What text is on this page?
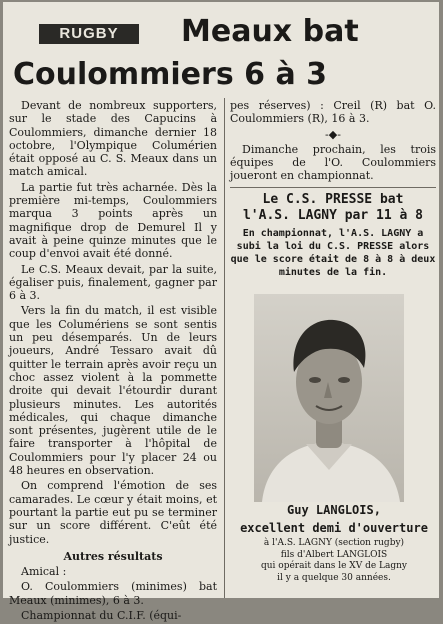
RUGBY	Meaux bat
Coulommiers 6 à 3

Devant de nombreux supporters, sur le stade des Capucins à Coulommiers, dimanche dernier 18 octobre, l'Olympique Columérien était opposé au C. S. Meaux dans un match amical.

La partie fut très acharnée. Dès la première mi-temps, Coulommiers marqua 3 points après un magnifique drop de Demurel Il y avait à peine quinze minutes que le coup d'envoi avait été donné.

Le C.S. Meaux devait, par la suite, égaliser puis, finalement, gagner par 6 à 3.

Vers la fin du match, il est visible que les Columériens se sont sentis un peu désemparés. Un de leurs joueurs, André Tessaro avait dû quitter le terrain après avoir reçu un choc assez violent à la pommette droite qui devait l'étourdir durant plusieurs minutes. Les autorités médicales, qui chaque dimanche sont présentes, jugèrent utile de le faire transporter à l'hôpital de Coulommiers pour l'y placer 24 ou 48 heures en observation.

On comprend l'émotion de ses camarades. Le cœur y était moins, et pourtant la partie eut pu se terminer sur un score différent. C'eût été justice.

Autres résultats

Amical :

O. Coulommiers (minimes) bat Meaux (minimes), 6 à 3.

Championnat du C.I.F. (équi-

pes réserves) : Creil (R) bat O. Coulommiers (R), 16 à 3.

-◆-

Dimanche prochain, les trois équipes de l'O. Coulommiers joueront en championnat.

Le C.S. PRESSE bat
l'A.S. LAGNY par 11 à 8
En championnat, l'A.S. LAGNY a subi la loi du C.S. PRESSE alors que le score était de 8 à 8 à deux minutes de la fin.
Guy LANGLOIS,
excellent demi d'ouverture
à l'A.S. LAGNY (section rugby)
fils d'Albert LANGLOIS
qui opérait dans le XV de Lagny
il y a quelque 30 années.
